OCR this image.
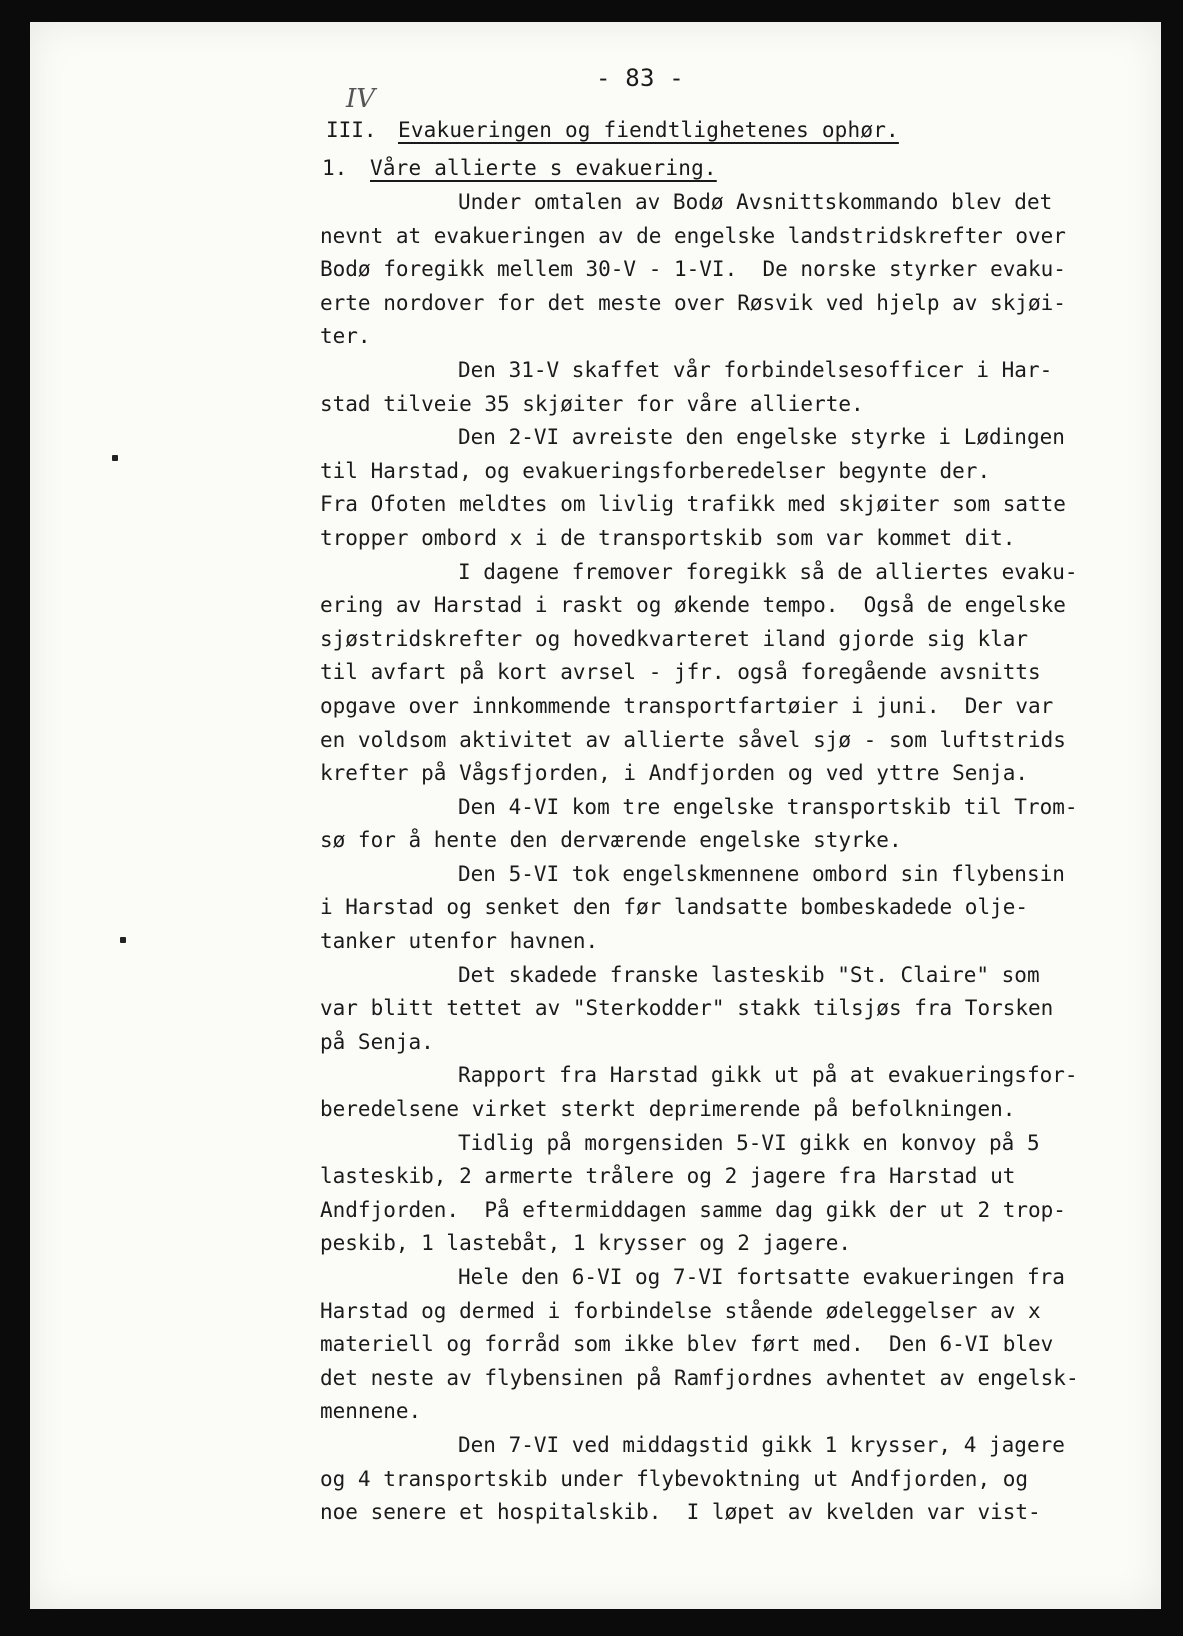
IV
- 83 -
III. Evakueringen og fiendtlighetenes ophør.
1. Våre allierte s evakuering.
Under omtalen av Bodø Avsnittskommando blev det
nevnt at evakueringen av de engelske landstridskrefter over
Bodø foregikk mellem 30-V - 1-VI.  De norske styrker evaku-
erte nordover for det meste over Røsvik ved hjelp av skjøi-
ter.
Den 31-V skaffet vår forbindelsesofficer i Har-
stad tilveie 35 skjøiter for våre allierte.
Den 2-VI avreiste den engelske styrke i Lødingen
til Harstad, og evakueringsforberedelser begynte der.
Fra Ofoten meldtes om livlig trafikk med skjøiter som satte
tropper ombord x i de transportskib som var kommet dit.
I dagene fremover foregikk så de alliertes evaku-
ering av Harstad i raskt og økende tempo.  Også de engelske
sjøstridskrefter og hovedkvarteret iland gjorde sig klar
til avfart på kort avrsel - jfr. også foregående avsnitts
opgave over innkommende transportfartøier i juni.  Der var
en voldsom aktivitet av allierte såvel sjø - som luftstrids
krefter på Vågsfjorden, i Andfjorden og ved yttre Senja.
Den 4-VI kom tre engelske transportskib til Trom-
sø for å hente den derværende engelske styrke.
Den 5-VI tok engelskmennene ombord sin flybensin
i Harstad og senket den før landsatte bombeskadede olje-
tanker utenfor havnen.
Det skadede franske lasteskib "St. Claire" som
var blitt tettet av "Sterkodder" stakk tilsjøs fra Torsken
på Senja.
Rapport fra Harstad gikk ut på at evakueringsfor-
beredelsene virket sterkt deprimerende på befolkningen.
Tidlig på morgensiden 5-VI gikk en konvoy på 5
lasteskib, 2 armerte trålere og 2 jagere fra Harstad ut
Andfjorden.  På eftermiddagen samme dag gikk der ut 2 trop-
peskib, 1 lastebåt, 1 krysser og 2 jagere.
Hele den 6-VI og 7-VI fortsatte evakueringen fra
Harstad og dermed i forbindelse stående ødeleggelser av x
materiell og forråd som ikke blev ført med.  Den 6-VI blev
det neste av flybensinen på Ramfjordnes avhentet av engelsk-
mennene.
Den 7-VI ved middagstid gikk 1 krysser, 4 jagere
og 4 transportskib under flybevoktning ut Andfjorden, og
noe senere et hospitalskib.  I løpet av kvelden var vist-
